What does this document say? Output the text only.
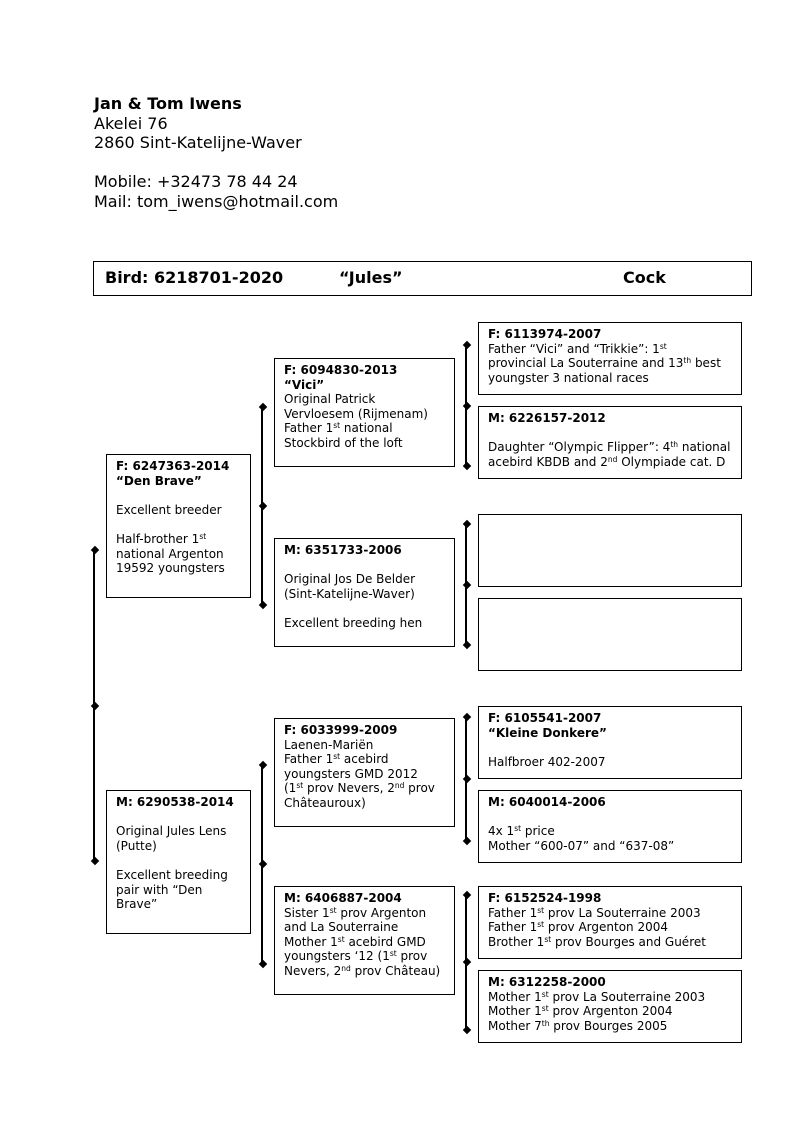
Jan & Tom Iwens
Akelei 76
2860 Sint-Katelijne-Waver
Mobile: +32473 78 44 24
Mail: tom_iwens@hotmail.com
Bird: 6218701-2020	“Jules”	Cock
F: 6247363-2014
“Den Brave”
Excellent breeder
Half-brother 1st
national Argenton
19592 youngsters
M: 6290538-2014
Original Jules Lens
(Putte)
Excellent breeding
pair with “Den
Brave”
F: 6094830-2013
“Vici”
Original Patrick
Vervloesem (Rijmenam)
Father 1st national
Stockbird of the loft
M: 6351733-2006
Original Jos De Belder
(Sint-Katelijne-Waver)
Excellent breeding hen
F: 6033999-2009
Laenen-Mariën
Father 1st acebird
youngsters GMD 2012
(1st prov Nevers, 2nd prov
Châteauroux)
M: 6406887-2004
Sister 1st prov Argenton
and La Souterraine
Mother 1st acebird GMD
youngsters ‘12 (1st prov
Nevers, 2nd prov Château)
F: 6113974-2007
Father “Vici” and “Trikkie”: 1st
provincial La Souterraine and 13th best
youngster 3 national races
M: 6226157-2012
Daughter “Olympic Flipper”: 4th national
acebird KBDB and 2nd Olympiade cat. D
F: 6105541-2007
“Kleine Donkere”
Halfbroer 402-2007
M: 6040014-2006
4x 1st price
Mother “600-07” and “637-08”
F: 6152524-1998
Father 1st prov La Souterraine 2003
Father 1st prov Argenton 2004
Brother 1st prov Bourges and Guéret
M: 6312258-2000
Mother 1st prov La Souterraine 2003
Mother 1st prov Argenton 2004
Mother 7th prov Bourges 2005
